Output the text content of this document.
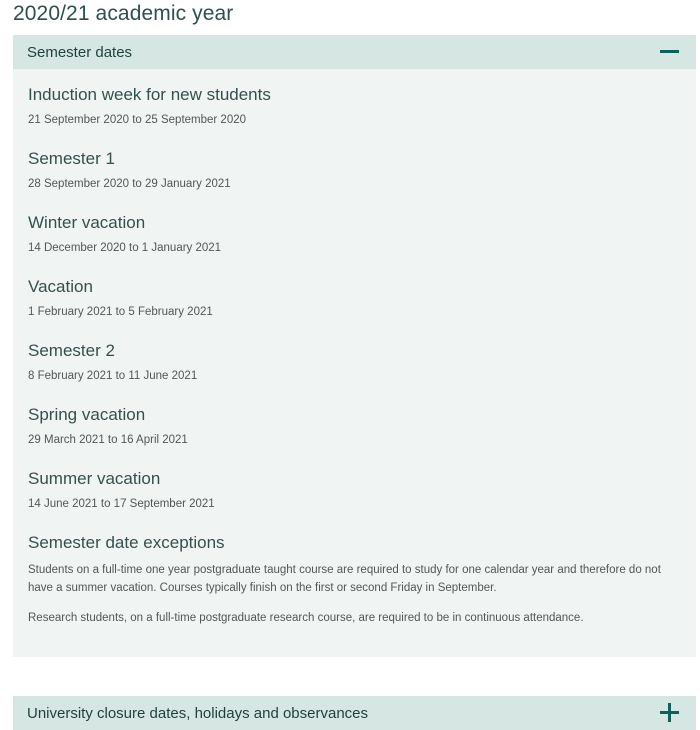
2020/21 academic year
Semester dates
Induction week for new students
21 September 2020 to 25 September 2020
Semester 1
28 September 2020 to 29 January 2021
Winter vacation
14 December 2020 to 1 January 2021
Vacation
1 February 2021 to 5 February 2021
Semester 2
8 February 2021 to 11 June 2021
Spring vacation
29 March 2021 to 16 April 2021
Summer vacation
14 June 2021 to 17 September 2021
Semester date exceptions

Students on a full-time one year postgraduate taught course are required to study for one calendar year and therefore do not have a summer vacation. Courses typically finish on the first or second Friday in September.

Research students, on a full-time postgraduate research course, are required to be in continuous attendance.

University closure dates, holidays and observances
